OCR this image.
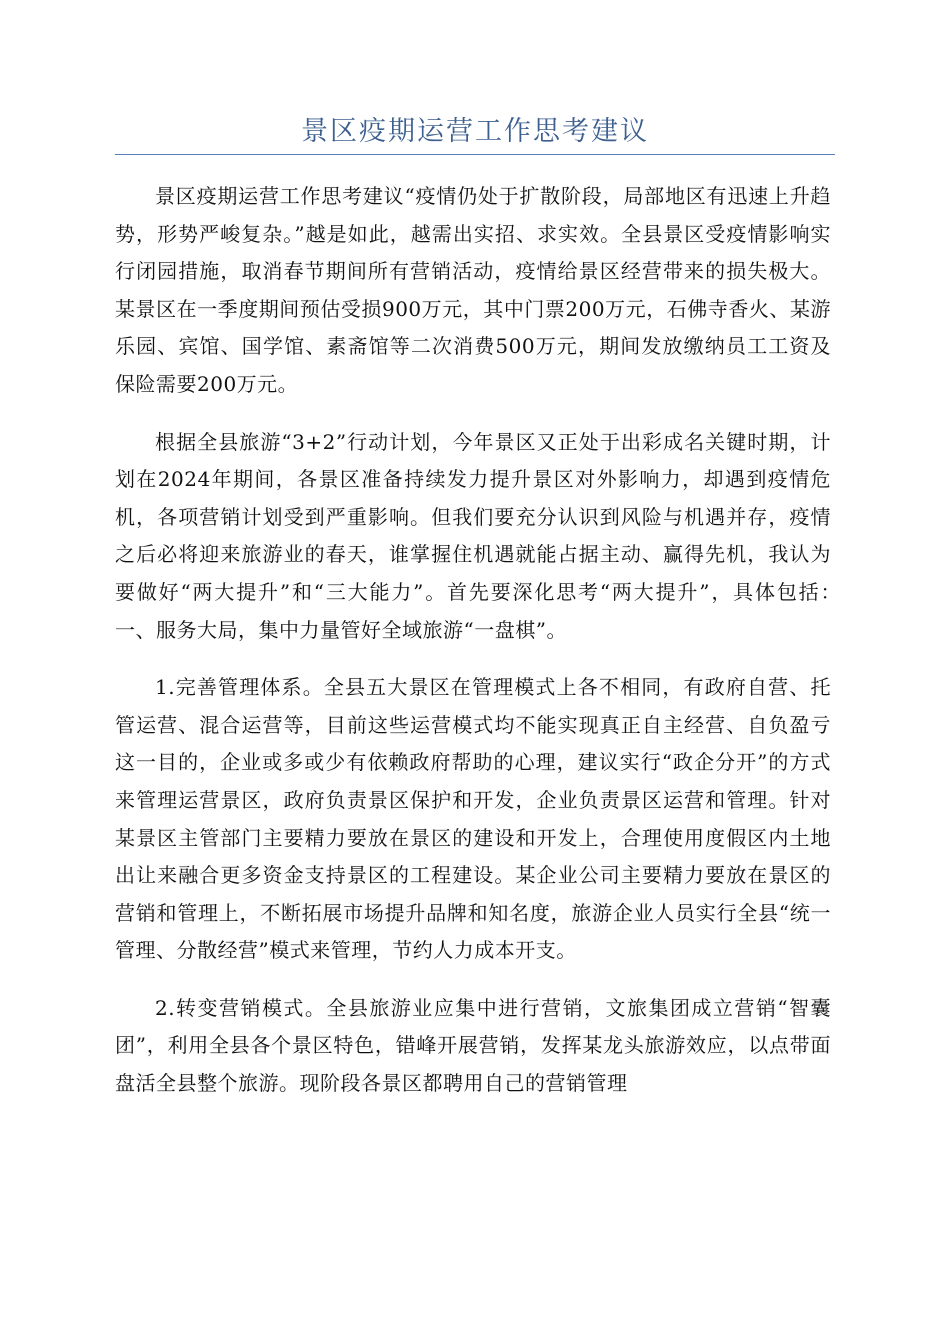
景区疫期运营工作思考建议

景区疫期运营工作思考建议“疫情仍处于扩散阶段，局部地区有迅速上升趋势，形势严峻复杂。”越是如此，越需出实招、求实效。全县景区受疫情影响实行闭园措施，取消春节期间所有营销活动，疫情给景区经营带来的损失极大。某景区在一季度期间预估受损900万元，其中门票200万元，石佛寺香火、某游乐园、宾馆、国学馆、素斋馆等二次消费500万元，期间发放缴纳员工工资及保险需要200万元。

根据全县旅游“3+2”行动计划，今年景区又正处于出彩成名关键时期，计划在2024年期间，各景区准备持续发力提升景区对外影响力，却遇到疫情危机，各项营销计划受到严重影响。但我们要充分认识到风险与机遇并存，疫情之后必将迎来旅游业的春天，谁掌握住机遇就能占据主动、赢得先机，我认为要做好“两大提升”和“三大能力”。首先要深化思考“两大提升”，具体包括：　一、服务大局，集中力量管好全域旅游“一盘棋”。

1.完善管理体系。全县五大景区在管理模式上各不相同，有政府自营、托管运营、混合运营等，目前这些运营模式均不能实现真正自主经营、自负盈亏这一目的，企业或多或少有依赖政府帮助的心理，建议实行“政企分开”的方式来管理运营景区，政府负责景区保护和开发，企业负责景区运营和管理。针对某景区主管部门主要精力要放在景区的建设和开发上，合理使用度假区内土地出让来融合更多资金支持景区的工程建设。某企业公司主要精力要放在景区的营销和管理上，不断拓展市场提升品牌和知名度，旅游企业人员实行全县“统一管理、分散经营”模式来管理，节约人力成本开支。

2.转变营销模式。全县旅游业应集中进行营销，文旅集团成立营销“智囊团”，利用全县各个景区特色，错峰开展营销，发挥某龙头旅游效应，以点带面盘活全县整个旅游。现阶段各景区都聘用自己的营销管理
